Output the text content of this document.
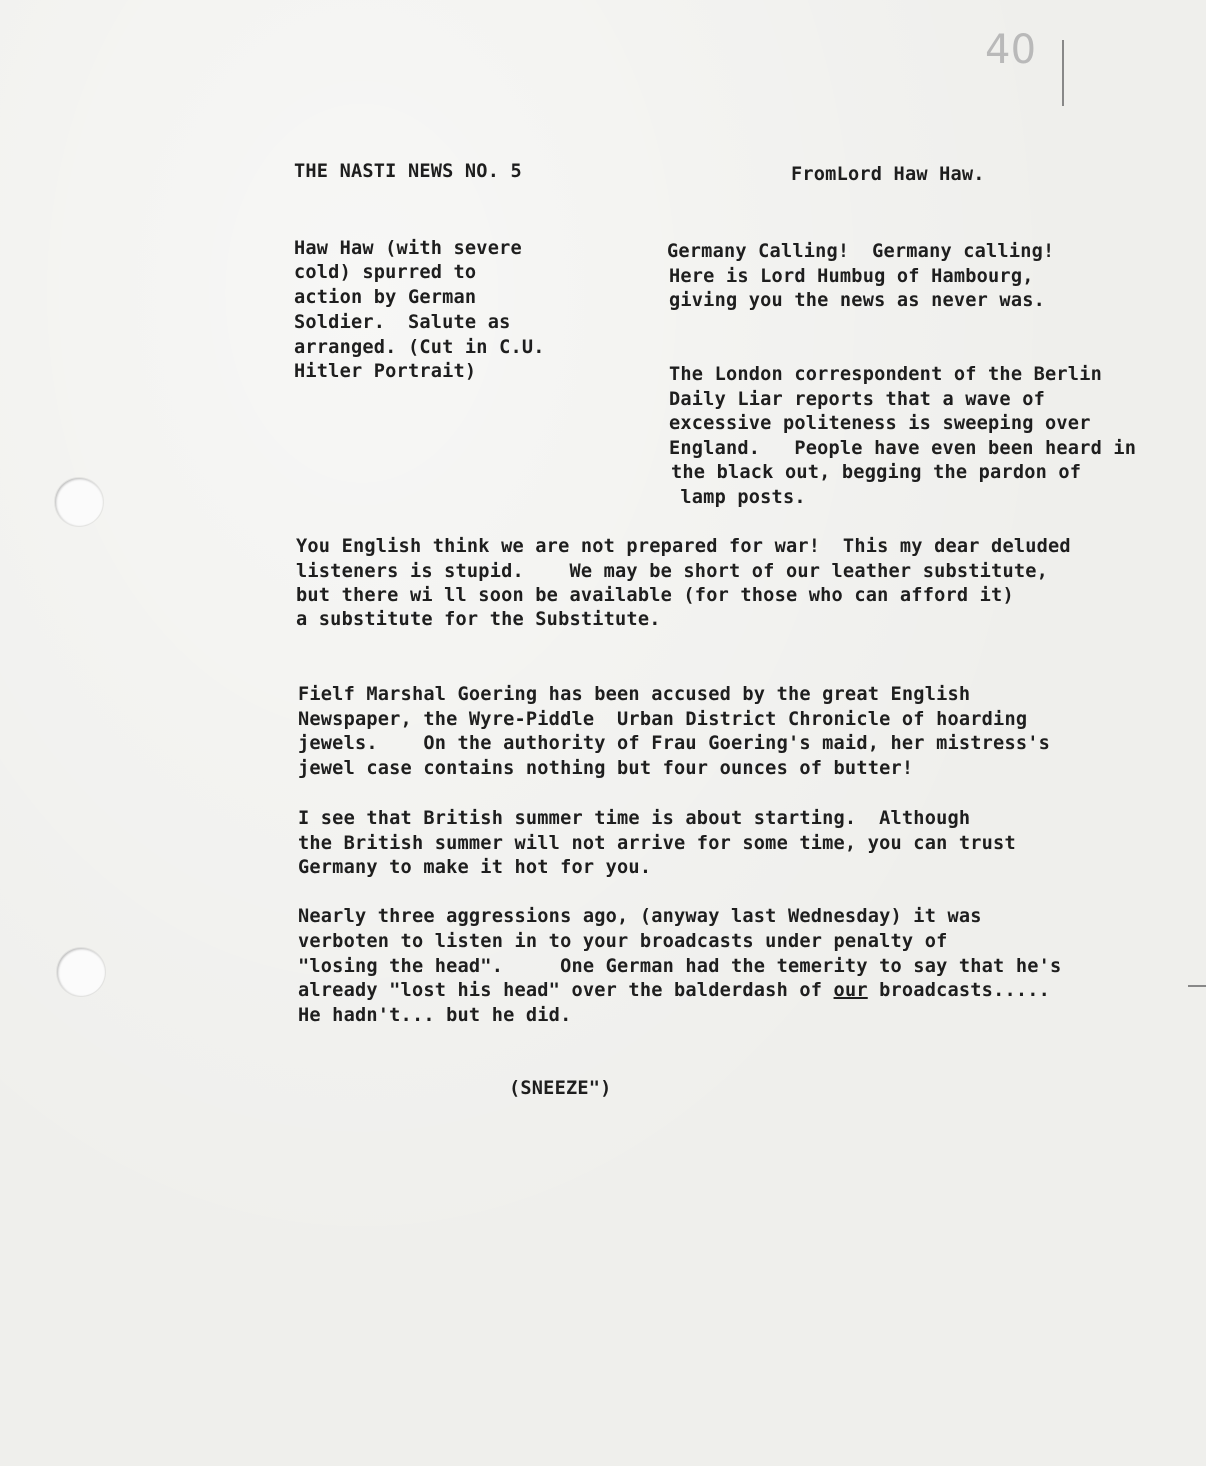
40
THE NASTI NEWS NO. 5	FromLord Haw Haw.
Haw Haw (with severe
cold) spurred to
action by German
Soldier.  Salute as
arranged. (Cut in C.U.
Hitler Portrait)
Germany Calling!  Germany calling!
Here is Lord Humbug of Hambourg,
giving you the news as never was.
The London correspondent of the Berlin
Daily Liar reports that a wave of
excessive politeness is sweeping over
England.   People have even been heard in
the black out, begging the pardon of
lamp posts.
You English think we are not prepared for war!  This my dear deluded
listeners is stupid.    We may be short of our leather substitute,
but there wi ll soon be available (for those who can afford it)
a substitute for the Substitute.
Fielf Marshal Goering has been accused by the great English
Newspaper, the Wyre-Piddle  Urban District Chronicle of hoarding
jewels.    On the authority of Frau Goering's maid, her mistress's
jewel case contains nothing but four ounces of butter!
I see that British summer time is about starting.  Although
the British summer will not arrive for some time, you can trust
Germany to make it hot for you.
Nearly three aggressions ago, (anyway last Wednesday) it was
verboten to listen in to your broadcasts under penalty of
"losing the head".     One German had the temerity to say that he's
already "lost his head" over the balderdash of our broadcasts.....
He hadn't... but he did.
(SNEEZE")
